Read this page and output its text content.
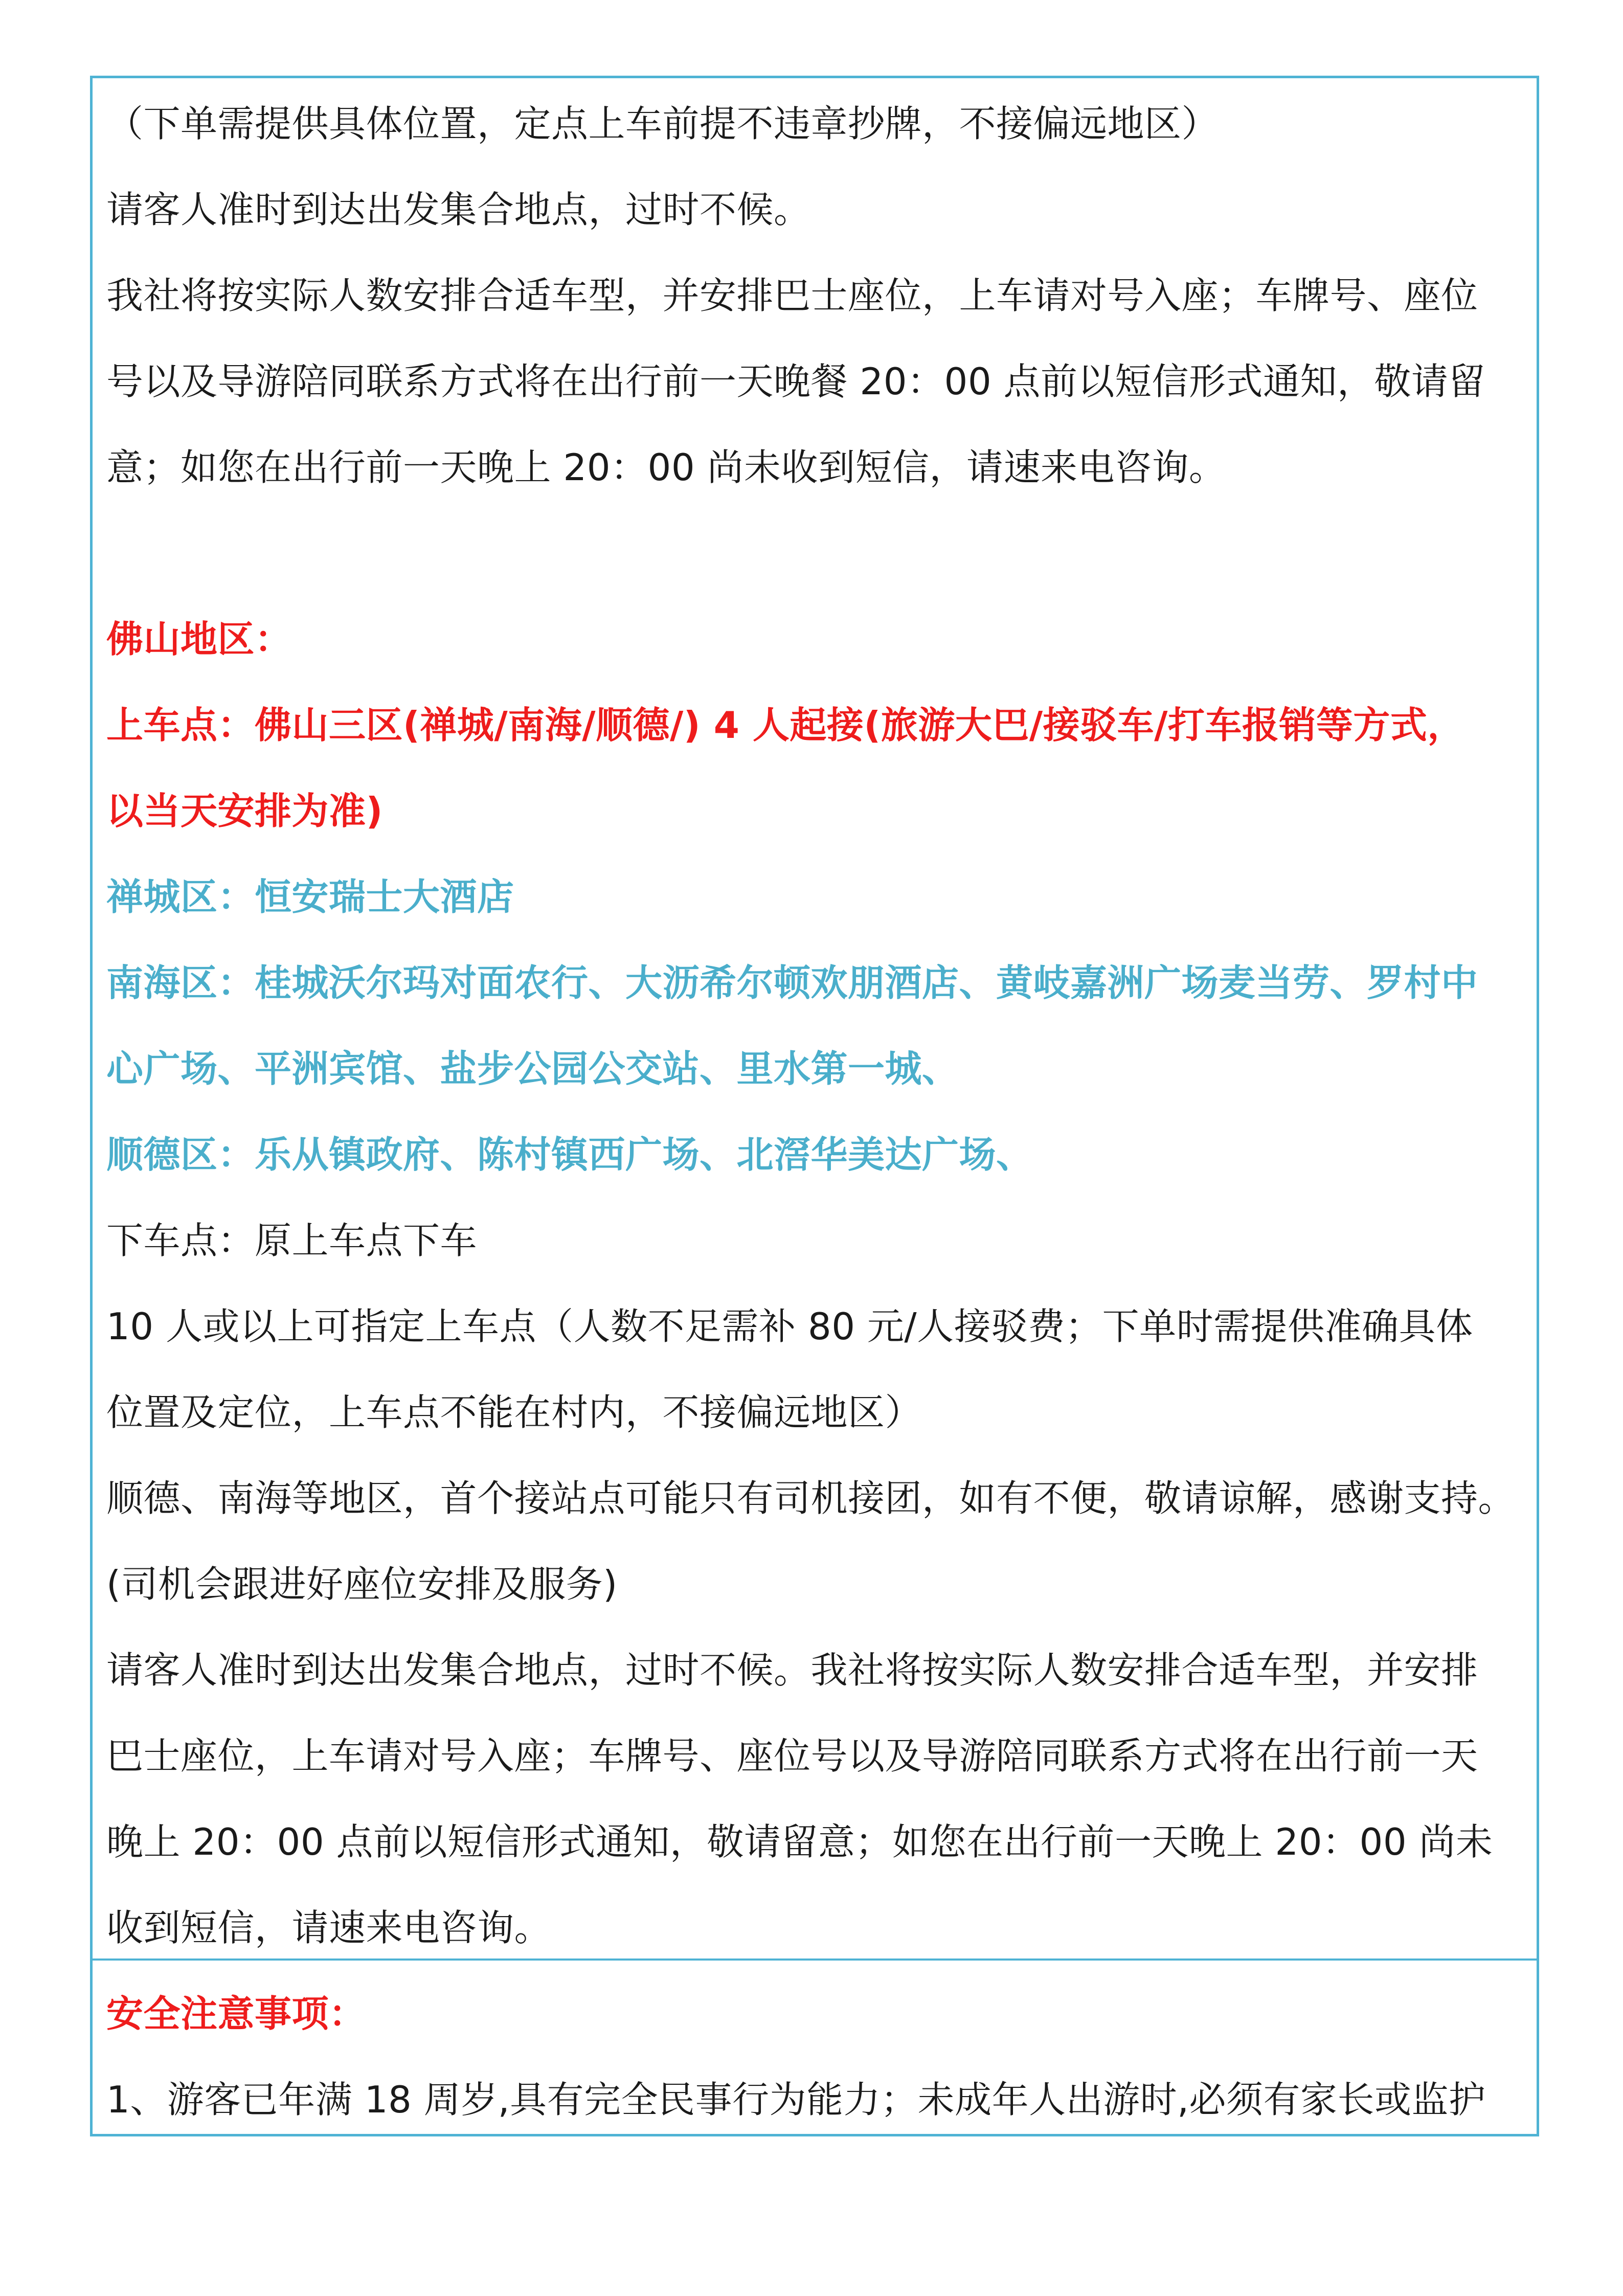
（下单需提供具体位置，定点上车前提不违章抄牌，不接偏远地区）
请客人准时到达出发集合地点，过时不候。
我社将按实际人数安排合适车型，并安排巴士座位，上车请对号入座；车牌号、座位
号以及导游陪同联系方式将在出行前一天晚餐 20：00 点前以短信形式通知，敬请留
意；如您在出行前一天晚上 20：00 尚未收到短信，请速来电咨询。
佛山地区：
上车点：佛山三区(禅城/南海/顺德/) 4 人起接(旅游大巴/接驳车/打车报销等方式，
以当天安排为准)
禅城区：恒安瑞士大酒店
南海区：桂城沃尔玛对面农行、大沥希尔顿欢朋酒店、黄岐嘉洲广场麦当劳、罗村中
心广场、平洲宾馆、盐步公园公交站、里水第一城、
顺德区：乐从镇政府、陈村镇西广场、北滘华美达广场、
下车点：原上车点下车
10 人或以上可指定上车点（人数不足需补 80 元/人接驳费；下单时需提供准确具体
位置及定位，上车点不能在村内，不接偏远地区）
顺德、南海等地区，首个接站点可能只有司机接团，如有不便，敬请谅解，感谢支持。
(司机会跟进好座位安排及服务)
请客人准时到达出发集合地点，过时不候。我社将按实际人数安排合适车型，并安排
巴士座位，上车请对号入座；车牌号、座位号以及导游陪同联系方式将在出行前一天
晚上 20：00 点前以短信形式通知，敬请留意；如您在出行前一天晚上 20：00 尚未
收到短信，请速来电咨询。
安全注意事项：
1、游客已年满 18 周岁,具有完全民事行为能力；未成年人出游时,必须有家长或监护
